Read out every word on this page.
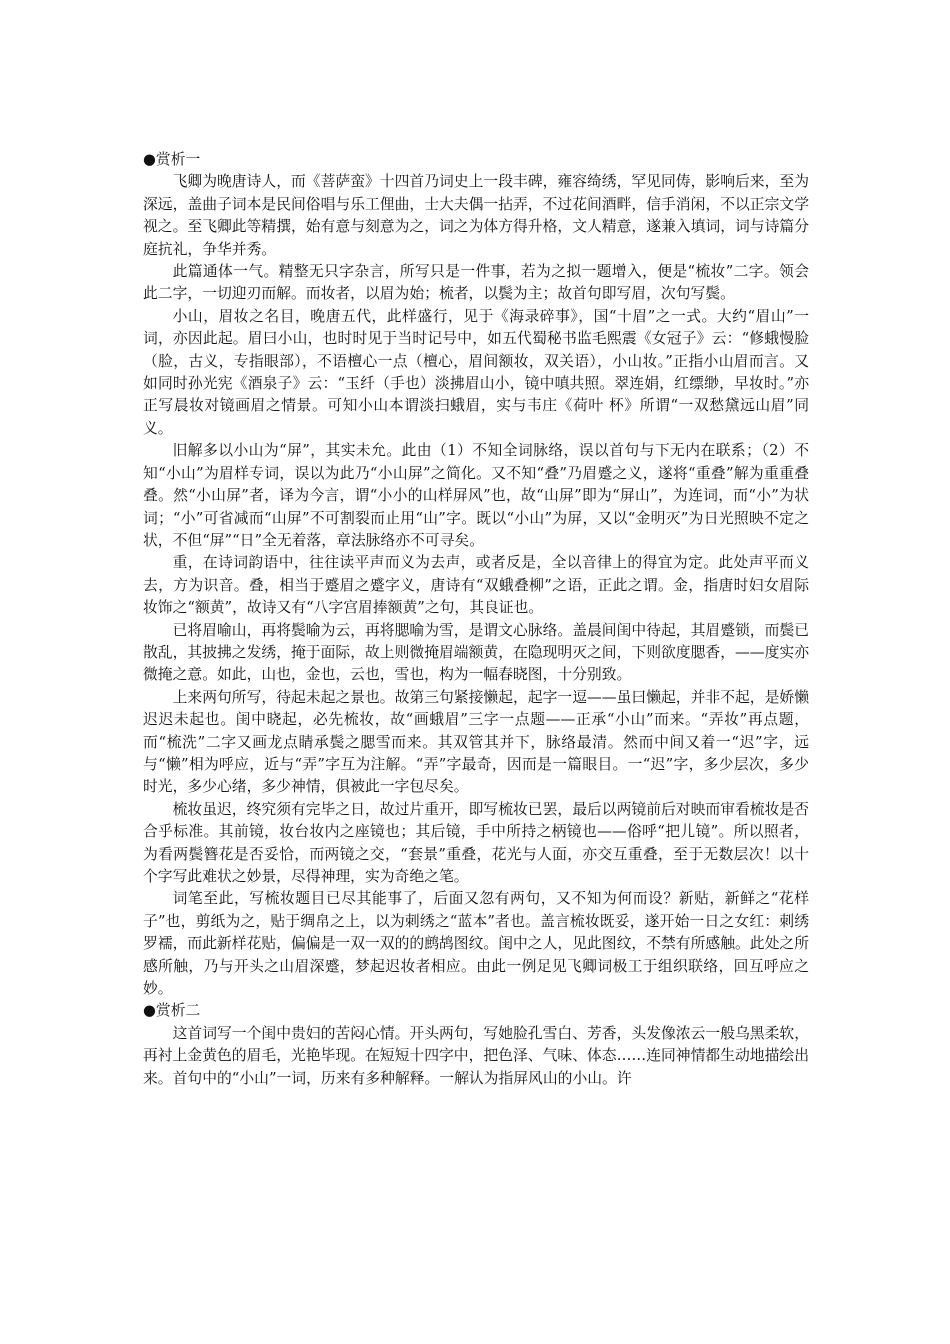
●赏析一

飞卿为晚唐诗人，而《菩萨蛮》十四首乃词史上一段丰碑，雍容绮绣，罕见同俦，影响后来，至为深远，盖曲子词本是民间俗唱与乐工俚曲，士大夫偶一拈弄，不过花间酒畔，信手消闲，不以正宗文学视之。至飞卿此等精撰，始有意与刻意为之，词之为体方得升格，文人精意，遂兼入填词，词与诗篇分庭抗礼，争华并秀。

此篇通体一气。精整无只字杂言，所写只是一件事，若为之拟一题增入，便是“梳妆”二字。领会此二字，一切迎刃而解。而妆者，以眉为始；梳者，以鬓为主；故首句即写眉，次句写鬓。

小山，眉妆之名目，晚唐五代，此样盛行，见于《海录碎事》，国“十眉”之一式。大约“眉山”一词，亦因此起。眉曰小山，也时时见于当时记号中，如五代蜀秘书监毛熙震《女冠子》云：“修蛾慢脸（脸，古义，专指眼部），不语檀心一点（檀心，眉间额妆，双关语），小山妆。”正指小山眉而言。又如同时孙光宪《酒泉子》云：“玉纤（手也）淡拂眉山小，镜中嗔共照。翠连娟，红缥缈，早妆时。”亦正写晨妆对镜画眉之情景。可知小山本谓淡扫蛾眉，实与韦庄《荷叶 杯》所谓“一双愁黛远山眉”同义。

旧解多以小山为“屏”，其实未允。此由（1）不知全词脉络，误以首句与下无内在联系；（2）不知“小山”为眉样专词，误以为此乃“小山屏”之简化。又不知“叠”乃眉蹙之义，遂将“重叠”解为重重叠叠。然“小山屏”者，译为今言，谓“小小的山样屏风”也，故“山屏”即为“屏山”，为连词，而“小”为状词；“小”可省减而“山屏”不可割裂而止用“山”字。既以“小山”为屏，又以“金明灭”为日光照映不定之状，不但“屏”“日”全无着落，章法脉络亦不可寻矣。

重，在诗词韵语中，往往读平声而义为去声，或者反是，全以音律上的得宜为定。此处声平而义去，方为识音。叠，相当于蹙眉之蹙字义，唐诗有“双蛾叠柳”之语，正此之谓。金，指唐时妇女眉际妆饰之“额黄”，故诗又有“八字宫眉捧额黄”之句，其良证也。

已将眉喻山，再将鬓喻为云，再将腮喻为雪，是谓文心脉络。盖晨间闺中待起，其眉蹙锁，而鬓已散乱，其披拂之发绣，掩于面际，故上则微掩眉端额黄，在隐现明灭之间，下则欲度腮香，——度实亦微掩之意。如此，山也，金也，云也，雪也，构为一幅春晓图，十分别致。

上来两句所写，待起未起之景也。故第三句紧接懒起，起字一逗——虽曰懒起，并非不起，是娇懒迟迟未起也。闺中晓起，必先梳妆，故“画蛾眉”三字一点题——正承“小山”而来。“弄妆”再点题，而“梳洗”二字又画龙点睛承鬓之腮雪而来。其双管其并下，脉络最清。然而中间又着一“迟”字，远与“懒”相为呼应，近与“弄”字互为注解。“弄”字最奇，因而是一篇眼目。一“迟”字，多少层次，多少时光，多少心绪，多少神情，俱被此一字包尽矣。

梳妆虽迟，终究须有完毕之日，故过片重开，即写梳妆已罢，最后以两镜前后对映而审看梳妆是否合乎标准。其前镜，妆台妆内之座镜也；其后镜，手中所持之柄镜也——俗呼“把儿镜”。所以照者，为看两鬓簪花是否妥恰，而两镜之交，“套景”重叠，花光与人面，亦交互重叠，至于无数层次！以十个字写此难状之妙景，尽得神理，实为奇绝之笔。

词笔至此，写梳妆题目已尽其能事了，后面又忽有两句，又不知为何而设？新贴，新鲜之“花样子”也，剪纸为之，贴于绸帛之上，以为刺绣之“蓝本”者也。盖言梳妆既妥，遂开始一日之女红：刺绣罗襦，而此新样花贴，偏偏是一双一双的的鹧鸪图纹。闺中之人，见此图纹，不禁有所感触。此处之所感所触，乃与开头之山眉深蹙，梦起迟妆者相应。由此一例足见飞卿词极工于组织联络，回互呼应之妙。

●赏析二

这首词写一个闺中贵妇的苦闷心情。开头两句，写她脸孔雪白、芳香，头发像浓云一般乌黑柔软，再衬上金黄色的眉毛，光艳毕现。在短短十四字中，把色泽、气味、体态……连同神情都生动地描绘出来。首句中的“小山”一词，历来有多种解释。一解认为指屏风山的小山。许
